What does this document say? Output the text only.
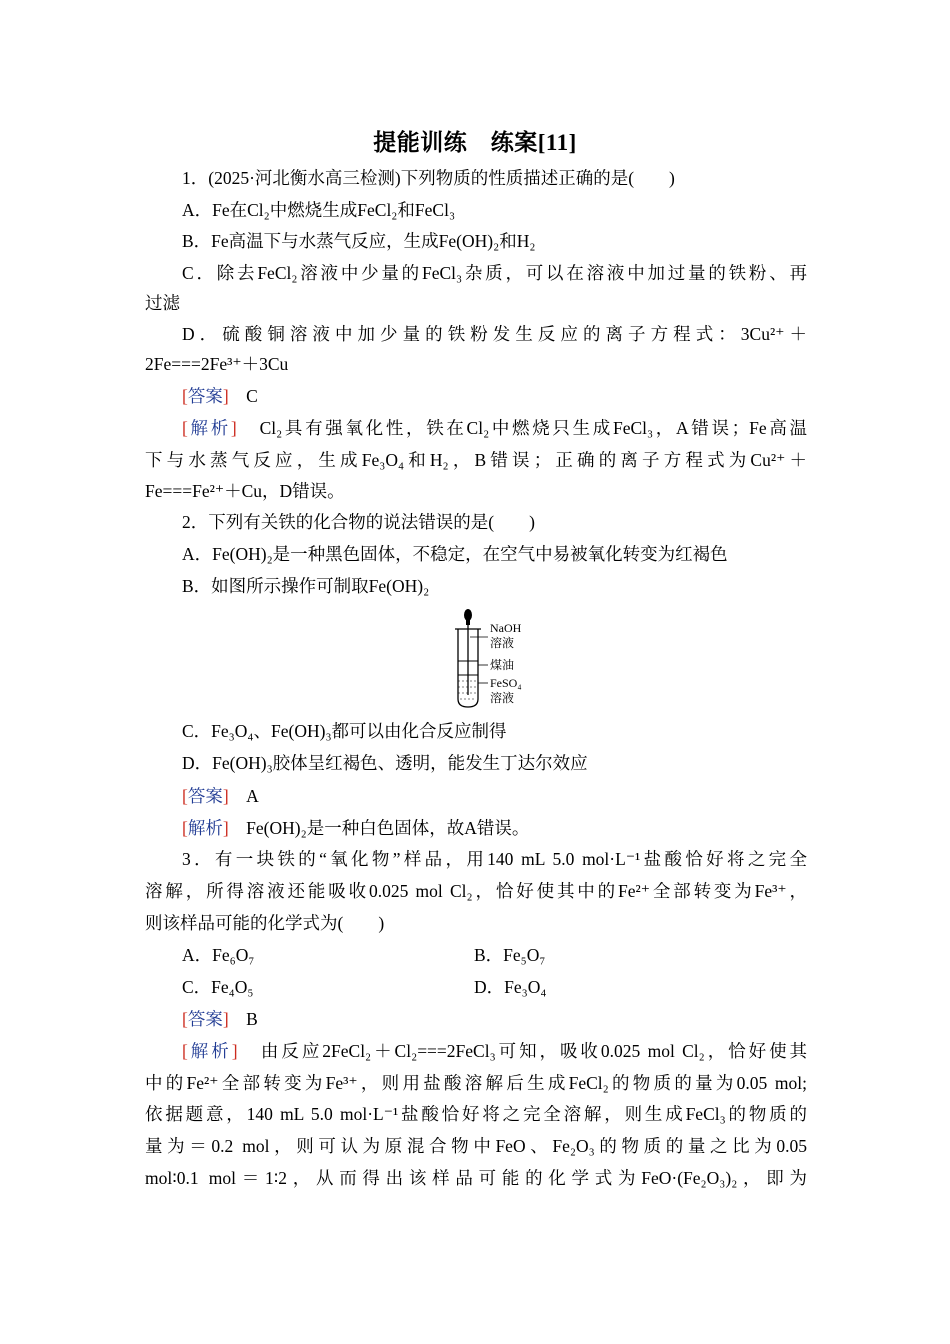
提能训练　练案[11]
1．(2025·河北衡水高三检测)下列物质的性质描述正确的是(　　)
A．Fe在Cl₂中燃烧生成FeCl₂和FeCl₃
B．Fe高温下与水蒸气反应，生成Fe(OH)₂和H₂
C．除去FeCl₂溶液中少量的FeCl₃杂质，可以在溶液中加过量的铁粉、再
过滤
D．硫酸铜溶液中加少量的铁粉发生反应的离子方程式：3Cu²⁺＋
2Fe===2Fe³⁺＋3Cu
[答案]　 C
[解析]　 Cl₂具有强氧化性，铁在Cl₂中燃烧只生成FeCl₃，A错误；Fe高温
下与水蒸气反应，生成Fe₃O₄和H₂，B错误；正确的离子方程式为Cu²⁺＋
Fe===Fe²⁺＋Cu，D错误。
2．下列有关铁的化合物的说法错误的是(　　)
A．Fe(OH)₂是一种黑色固体，不稳定，在空气中易被氧化转变为红褐色
B．如图所示操作可制取Fe(OH)₂
NaOH
溶液
煤油
FeSO₄
溶液
C．Fe₃O₄、Fe(OH)₃都可以由化合反应制得
D．Fe(OH)₃胶体呈红褐色、透明，能发生丁达尔效应
[答案]　 A
[解析]　 Fe(OH)₂是一种白色固体，故A错误。
3．有一块铁的“氧化物”样品，用140 mL 5.0 mol·L⁻¹盐酸恰好将之完全
溶解，所得溶液还能吸收0.025 mol Cl₂，恰好使其中的Fe²⁺全部转变为Fe³⁺，
则该样品可能的化学式为(　　)
A．Fe₆O₇	B．Fe₅O₇
C．Fe₄O₅	D．Fe₃O₄
[答案]　 B
[解析]　 由反应2FeCl₂＋Cl₂===2FeCl₃可知，吸收0.025 mol Cl₂，恰好使其
中的Fe²⁺全部转变为Fe³⁺，则用盐酸溶解后生成FeCl₂的物质的量为0.05 mol;
依据题意，140 mL 5.0 mol·L⁻¹盐酸恰好将之完全溶解，则生成FeCl₃的物质的
量为＝0.2 mol，则可认为原混合物中FeO、Fe₂O₃的物质的量之比为0.05
mol∶0.1 mol＝1∶2，从而得出该样品可能的化学式为FeO·(Fe₂O₃)₂，即为
